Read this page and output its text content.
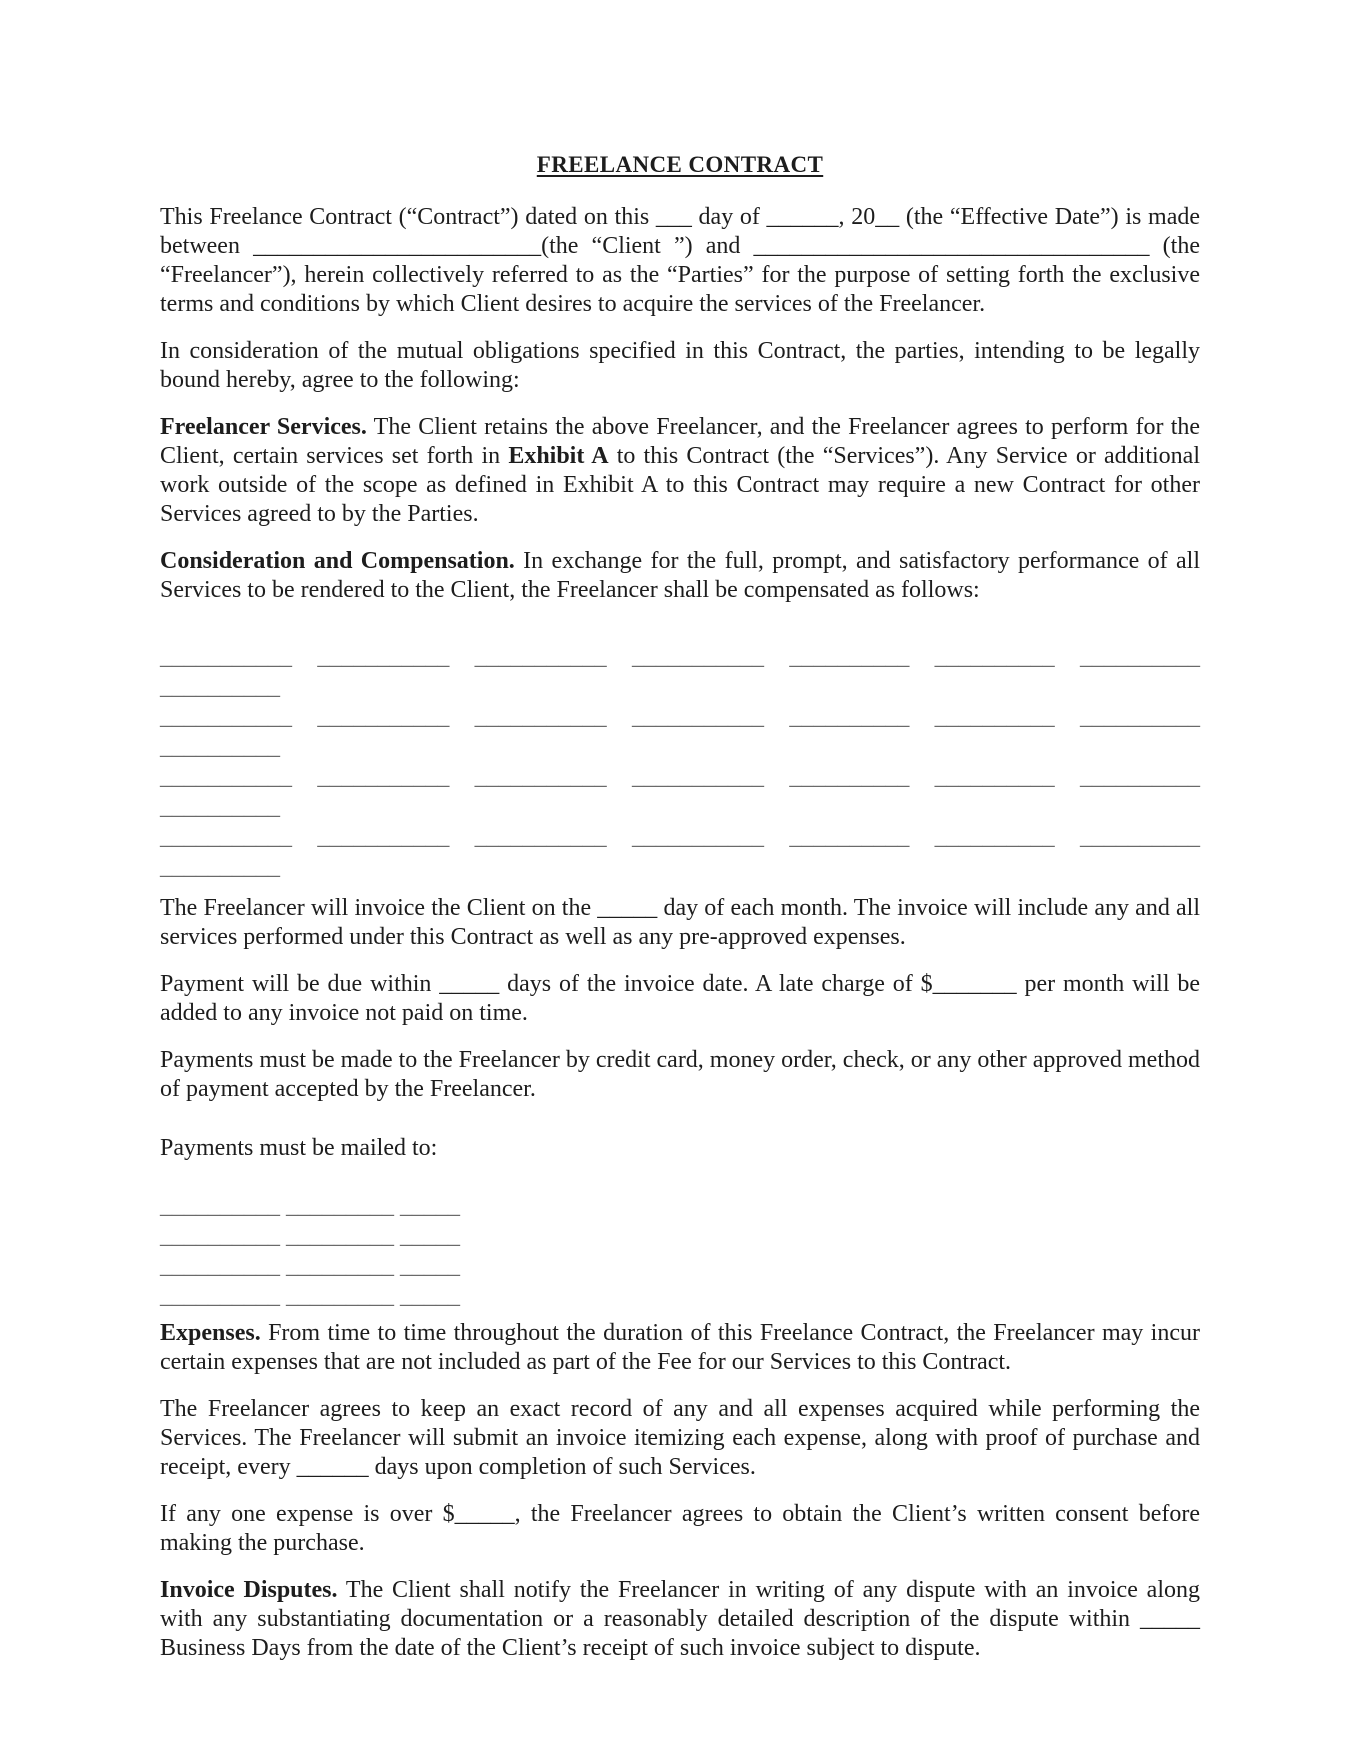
FREELANCE CONTRACT

This Freelance Contract (“Contract”) dated on this ___ day of ______, 20__ (the “Effective Date”) is made between ________________________(the “Client ”) and _________________________________ (the “Freelancer”), herein collectively referred to as the “Parties” for the purpose of setting forth the exclusive terms and conditions by which Client desires to acquire the services of the Freelancer.

In consideration of the mutual obligations specified in this Contract, the parties, intending to be legally bound hereby, agree to the following:

Freelancer Services. The Client retains the above Freelancer, and the Freelancer agrees to perform for the Client, certain services set forth in Exhibit A to this Contract (the “Services”). Any Service or additional work outside of the scope as defined in Exhibit A to this Contract may require a new Contract for other Services agreed to by the Parties.

Consideration and Compensation. In exchange for the full, prompt, and satisfactory performance of all Services to be rendered to the Client, the Freelancer shall be compensated as follows:

___________ ___________ ___________ ___________ __________ __________ __________ __________
___________ ___________ ___________ ___________ __________ __________ __________ __________
___________ ___________ ___________ ___________ __________ __________ __________ __________
___________ ___________ ___________ ___________ __________ __________ __________ __________

The Freelancer will invoice the Client on the _____ day of each month. The invoice will include any and all services performed under this Contract as well as any pre-approved expenses.

Payment will be due within _____ days of the invoice date. A late charge of $_______ per month will be added to any invoice not paid on time.

Payments must be made to the Freelancer by credit card, money order, check, or any other approved method of payment accepted by the Freelancer.

Payments must be mailed to:

__________ _________ _____
__________ _________ _____
__________ _________ _____
__________ _________ _____

Expenses. From time to time throughout the duration of this Freelance Contract, the Freelancer may incur certain expenses that are not included as part of the Fee for our Services to this Contract.

The Freelancer agrees to keep an exact record of any and all expenses acquired while performing the Services. The Freelancer will submit an invoice itemizing each expense, along with proof of purchase and receipt, every ______ days upon completion of such Services.

If any one expense is over $_____, the Freelancer agrees to obtain the Client’s written consent before making the purchase.

Invoice Disputes. The Client shall notify the Freelancer in writing of any dispute with an invoice along with any substantiating documentation or a reasonably detailed description of the dispute within _____ Business Days from the date of the Client’s receipt of such invoice subject to dispute.
